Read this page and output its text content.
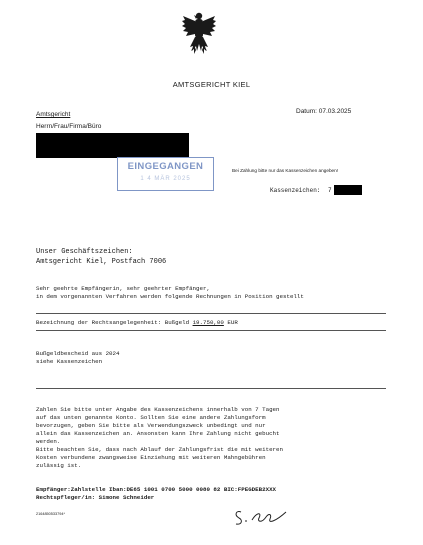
AMTSGERICHT KIEL
Amtsgericht	Datum: 07.03.2025
Herrn/Frau/Firma/Büro
EINGEGANGEN
1 4 MÄR 2025
Bei Zahlung bitte nur das Kassenzeichen angeben!
Kassenzeichen: 7
Unser Geschäftszeichen:
Amtsgericht Kiel, Postfach 7006
Sehr geehrte Empfängerin, sehr geehrter Empfänger,
in dem vorgenannten Verfahren werden folgende Rechnungen in Position gestellt
Bezeichnung der Rechtsangelegenheit: Bußgeld 19.750,00 EUR
Bußgeldbescheid aus 2024
siehe Kassenzeichen
Zahlen Sie bitte unter Angabe des Kassenzeichens innerhalb von 7 Tagen
auf das unten genannte Konto. Sollten Sie eine andere Zahlungsform
bevorzugen, geben Sie bitte als Verwendungszweck unbedingt und nur
allein das Kassenzeichen an. Ansonsten kann Ihre Zahlung nicht gebucht
werden.
Bitte beachten Sie, dass nach Ablauf der Zahlungsfrist die mit weiteren
Kosten verbundene zwangsweise Einziehung mit weiteren Mahngebühren
zulässig ist.
Empfänger:Zahlstelle Iban:DE65 1001 0700 5000 0080 82 BIC:FPEGDEB2XXX
Rechtspfleger/in: Simone Schneider
2164850533794*
